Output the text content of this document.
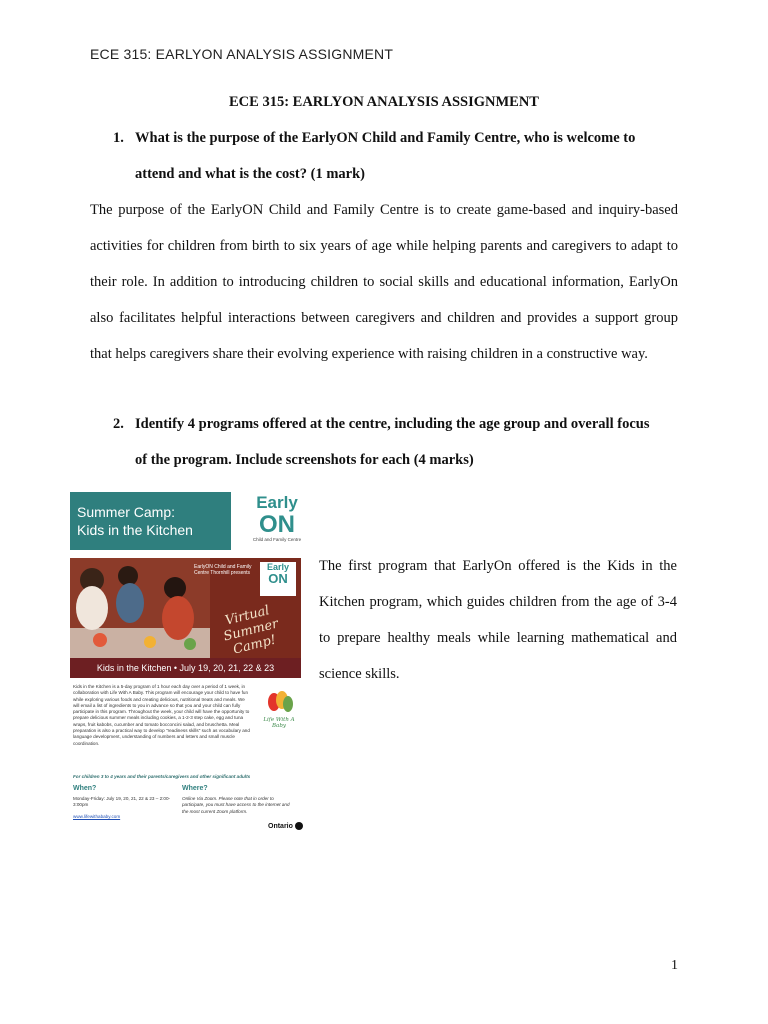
ECE 315: EARLYON ANALYSIS ASSIGNMENT
ECE 315: EARLYON ANALYSIS ASSIGNMENT
1. What is the purpose of the EarlyON Child and Family Centre, who is welcome to
attend and what is the cost? (1 mark)
The purpose of the EarlyON Child and Family Centre is to create game-based and inquiry-based activities for children from birth to six years of age while helping parents and caregivers to adapt to their role. In addition to introducing children to social skills and educational information, EarlyOn also facilitates helpful interactions between caregivers and children and provides a support group that helps caregivers share their evolving experience with raising children in a constructive way.
2. Identify 4 programs offered at the centre, including the age group and overall focus
of the program. Include screenshots for each (4 marks)
Summer Camp:
Kids in the Kitchen
Early
ON
Child and Family Centre
EarlyON Child and Family Centre Thornhill presents
Early
ON
Virtual Summer Camp!
Kids in the Kitchen • July 19, 20, 21, 22 & 23
Kids in the Kitchen is a 5-day program of 1 hour each day over a period of 1 week, in collaboration with Life With A Baby. This program will encourage your child to have fun while exploring various foods and creating delicious, nutritional treats and meals. We will email a list of ingredients to you in advance so that you and your child can fully participate in this program. Throughout the week, your child will have the opportunity to prepare delicious summer meals including cookies, a 1-2-3 step cake, egg and tuna wraps, fruit kabobs, cucumber and tomato bocconcini salad, and bruschetta. Meal preparation is also a practical way to develop "readiness skills" such as vocabulary and language development, understanding of numbers and letters and small muscle coordination.
Life With A Baby
For children 3 to 4 years and their parents/caregivers and other significant adults
When?
Monday-Friday: July 19, 20, 21, 22 & 23 – 2:00-3:00pm
www.lifewithababy.com
Where?
Online Via Zoom. Please note that in order to participate, you must have access to the internet and the most current Zoom platform.
Ontario
The first program that EarlyOn offered is the Kids in the Kitchen program, which guides children from the age of 3-4 to prepare healthy meals while learning mathematical and science skills.
1
